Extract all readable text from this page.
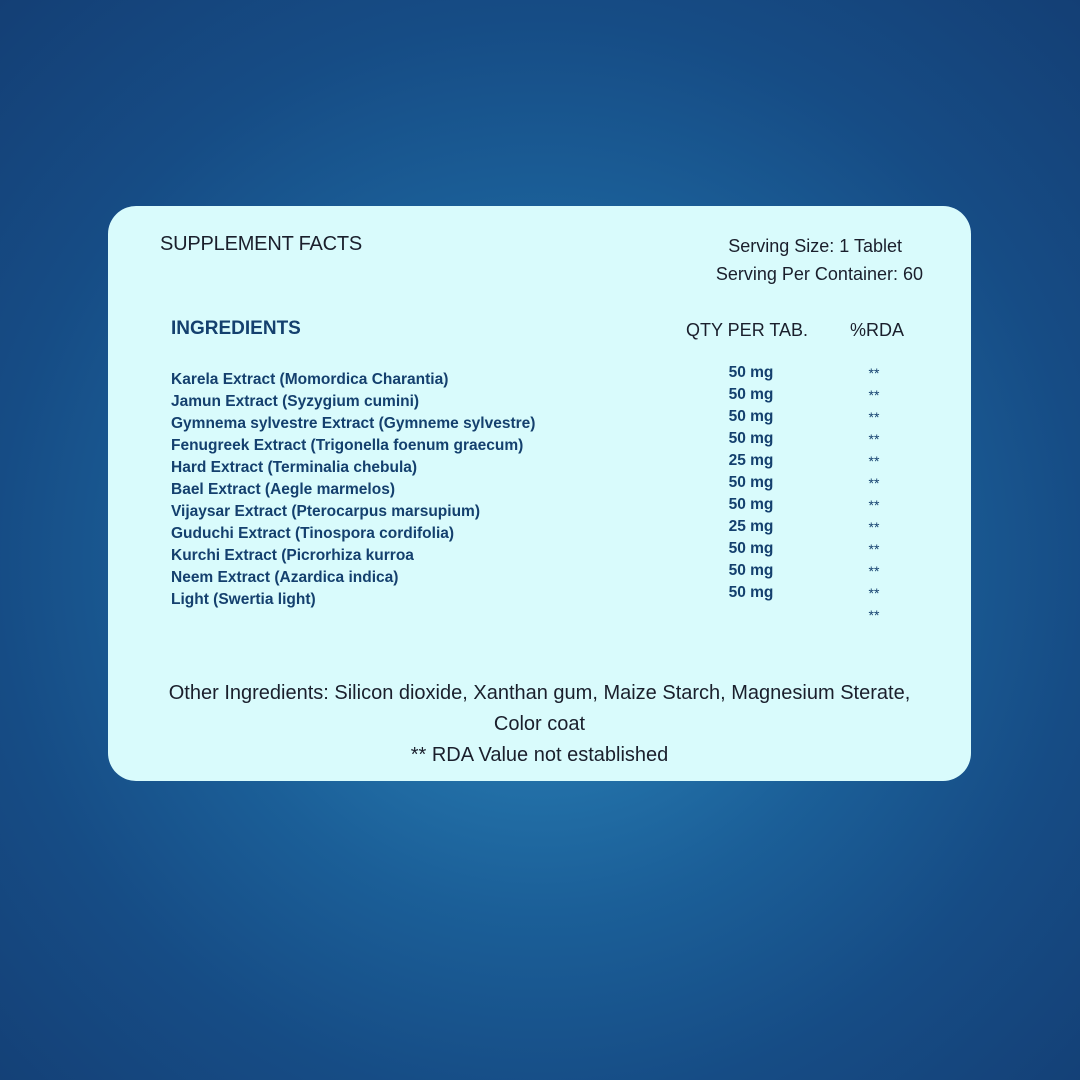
SUPPLEMENT FACTS	Serving Size: 1 Tablet
Serving Per Container: 60
INGREDIENTS	QTY PER TAB. %RDA
Karela Extract (Momordica Charantia)
Jamun Extract (Syzygium cumini)
Gymnema sylvestre Extract (Gymneme sylvestre)
Fenugreek Extract (Trigonella foenum graecum)
Hard Extract (Terminalia chebula)
Bael Extract (Aegle marmelos)
Vijaysar Extract (Pterocarpus marsupium)
Guduchi Extract (Tinospora cordifolia)
Kurchi Extract (Picrorhiza kurroa
Neem Extract (Azardica indica)
Light (Swertia light)
50 mg
50 mg
50 mg
50 mg
25 mg
50 mg
50 mg
25 mg
50 mg
50 mg
50 mg
**
**
**
**
**
**
**
**
**
**
**
**
Other Ingredients: Silicon dioxide, Xanthan gum, Maize Starch, Magnesium Sterate,
Color coat
** RDA Value not established
